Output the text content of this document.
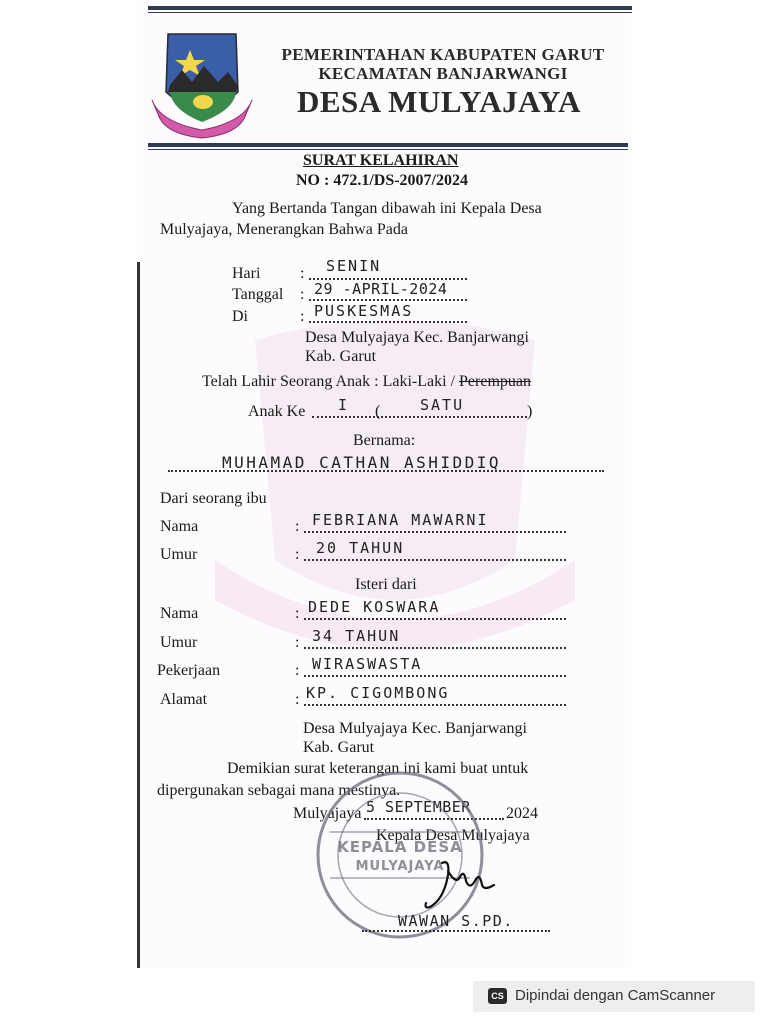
PEMERINTAHAN KABUPATEN GARUT
KECAMATAN BANJARWANGI
DESA MULYAJAYA
SURAT KELAHIRAN
NO : 472.1/DS-2007/2024
Yang Bertanda Tangan dibawah ini Kepala Desa
Mulyajaya, Menerangkan Bahwa Pada
Hari : SENIN
Tanggal : 29 -APRIL-2024
Di	: PUSKESMAS
Desa Mulyajaya Kec. Banjarwangi
Kab. Garut
Telah Lahir Seorang Anak : Laki-Laki / Perempuan
Anak Ke	(	)
I	SATU
Bernama:
MUHAMAD CATHAN ASHIDDIQ
Dari seorang ibu
Nama	: FEBRIANA MAWARNI
Umur	: 20 TAHUN
Isteri dari
Nama	: DEDE KOSWARA
Umur	: 34 TAHUN
Pekerjaan	: WIRASWASTA
Alamat	: KP. CIGOMBONG
Desa Mulyajaya Kec. Banjarwangi
Kab. Garut
Demikian surat keterangan ini kami buat untuk
dipergunakan sebagai mana mestinya.
Mulyajaya 5 SEPTEMBER 2024
Kepala Desa Mulyajaya
KEPALA DESA
MULYAJAYA
WAWAN S.PD.
CS Dipindai dengan CamScanner
